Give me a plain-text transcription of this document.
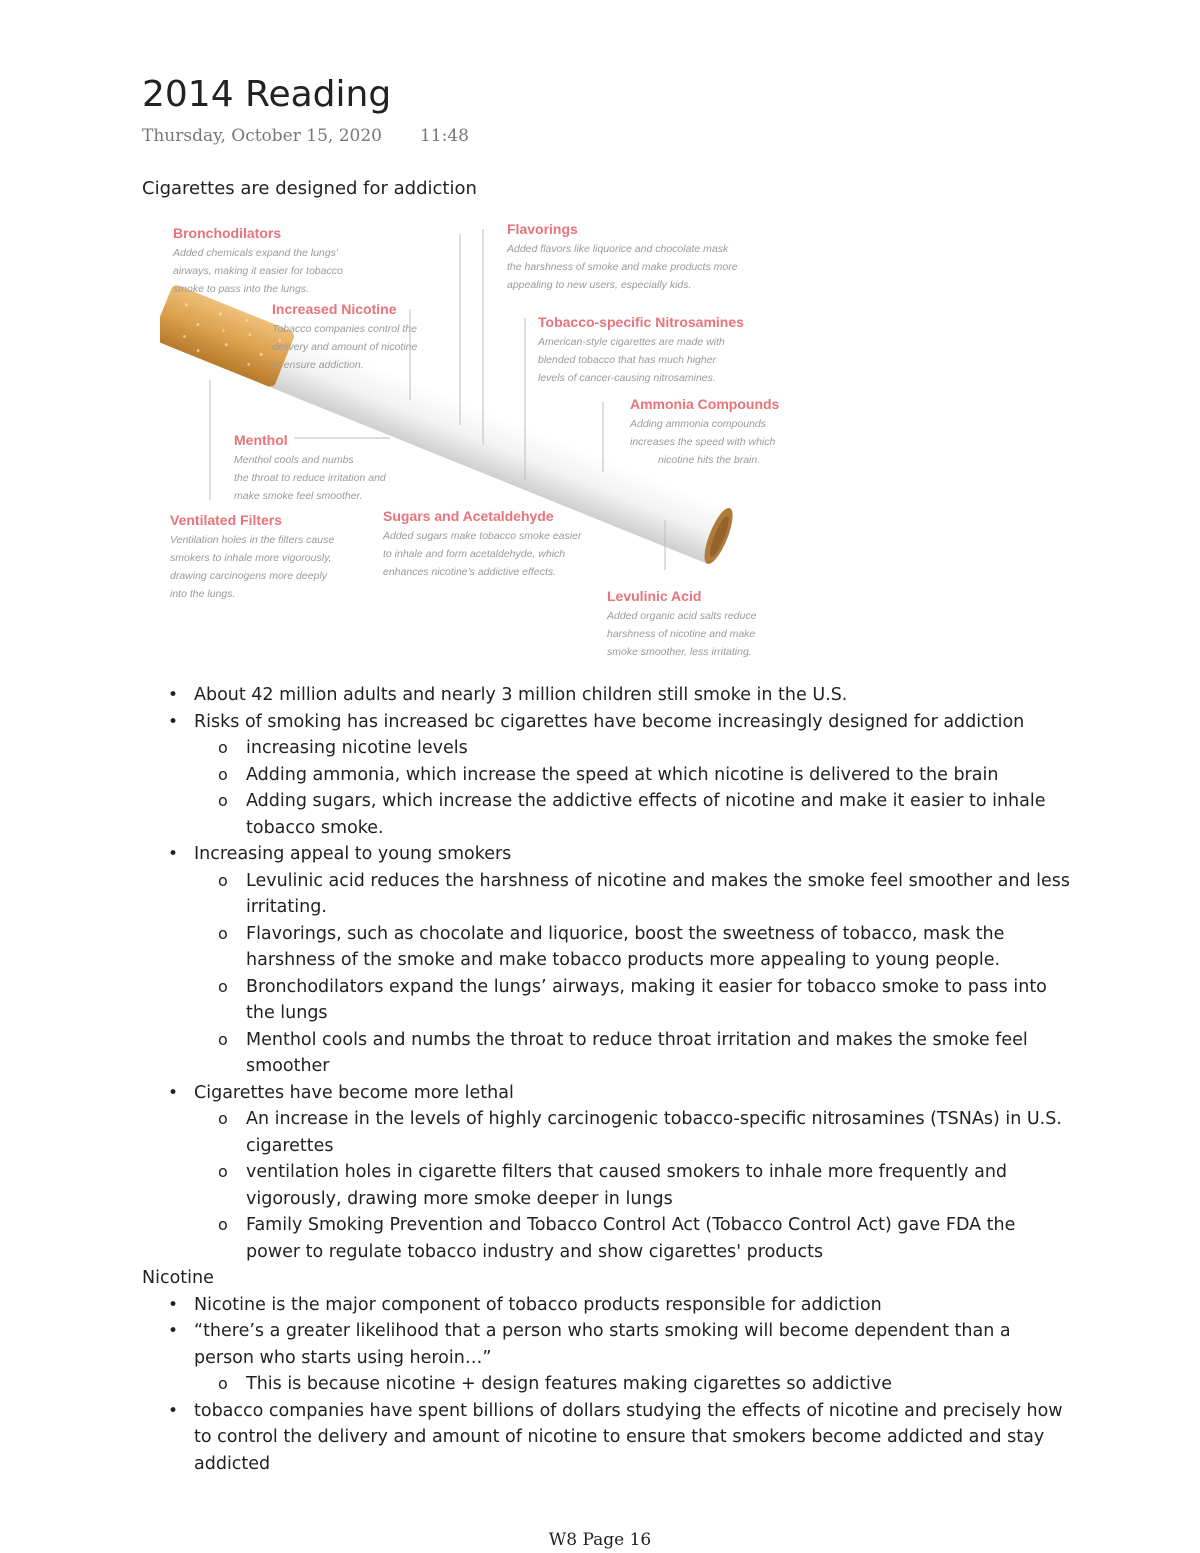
2014 Reading
Thursday, October 15, 2020 11:48
Cigarettes are designed for addiction
Bronchodilators
Added chemicals expand the lungs'
airways, making it easier for tobacco
smoke to pass into the lungs.
Increased Nicotine
Tobacco companies control the
delivery and amount of nicotine
to ensure addiction.
Flavorings
Added flavors like liquorice and chocolate mask
the harshness of smoke and make products more
appealing to new users, especially kids.
Tobacco-specific Nitrosamines
American-style cigarettes are made with
blended tobacco that has much higher
levels of cancer-causing nitrosamines.
Ammonia Compounds
Adding ammonia compounds
increases the speed with which
nicotine hits the brain.
Menthol
Menthol cools and numbs
the throat to reduce irritation and
make smoke feel smoother.
Ventilated Filters
Ventilation holes in the filters cause
smokers to inhale more vigorously,
drawing carcinogens more deeply
into the lungs.
Sugars and Acetaldehyde
Added sugars make tobacco smoke easier
to inhale and form acetaldehyde, which
enhances nicotine's addictive effects.
Levulinic Acid
Added organic acid salts reduce
harshness of nicotine and make
smoke smoother, less irritating.
• About 42 million adults and nearly 3 million children still smoke in the U.S.
• Risks of smoking has increased bc cigarettes have become increasingly designed for addiction
o increasing nicotine levels
o Adding ammonia, which increase the speed at which nicotine is delivered to the brain
o Adding sugars, which increase the addictive effects of nicotine and make it easier to inhale tobacco smoke.
• Increasing appeal to young smokers
o Levulinic acid reduces the harshness of nicotine and makes the smoke feel smoother and less irritating.
o Flavorings, such as chocolate and liquorice, boost the sweetness of tobacco, mask the harshness of the smoke and make tobacco products more appealing to young people.
o Bronchodilators expand the lungs’ airways, making it easier for tobacco smoke to pass into the lungs
o Menthol cools and numbs the throat to reduce throat irritation and makes the smoke feel smoother
• Cigarettes have become more lethal
o An increase in the levels of highly carcinogenic tobacco-specific nitrosamines (TSNAs) in U.S. cigarettes
o ventilation holes in cigarette filters that caused smokers to inhale more frequently and vigorously, drawing more smoke deeper in lungs
o Family Smoking Prevention and Tobacco Control Act (Tobacco Control Act) gave FDA the power to regulate tobacco industry and show cigarettes' products
Nicotine
• Nicotine is the major component of tobacco products responsible for addiction
• “there’s a greater likelihood that a person who starts smoking will become dependent than a person who starts using heroin…”
o This is because nicotine + design features making cigarettes so addictive
• tobacco companies have spent billions of dollars studying the effects of nicotine and precisely how to control the delivery and amount of nicotine to ensure that smokers become addicted and stay addicted
W8 Page 16
